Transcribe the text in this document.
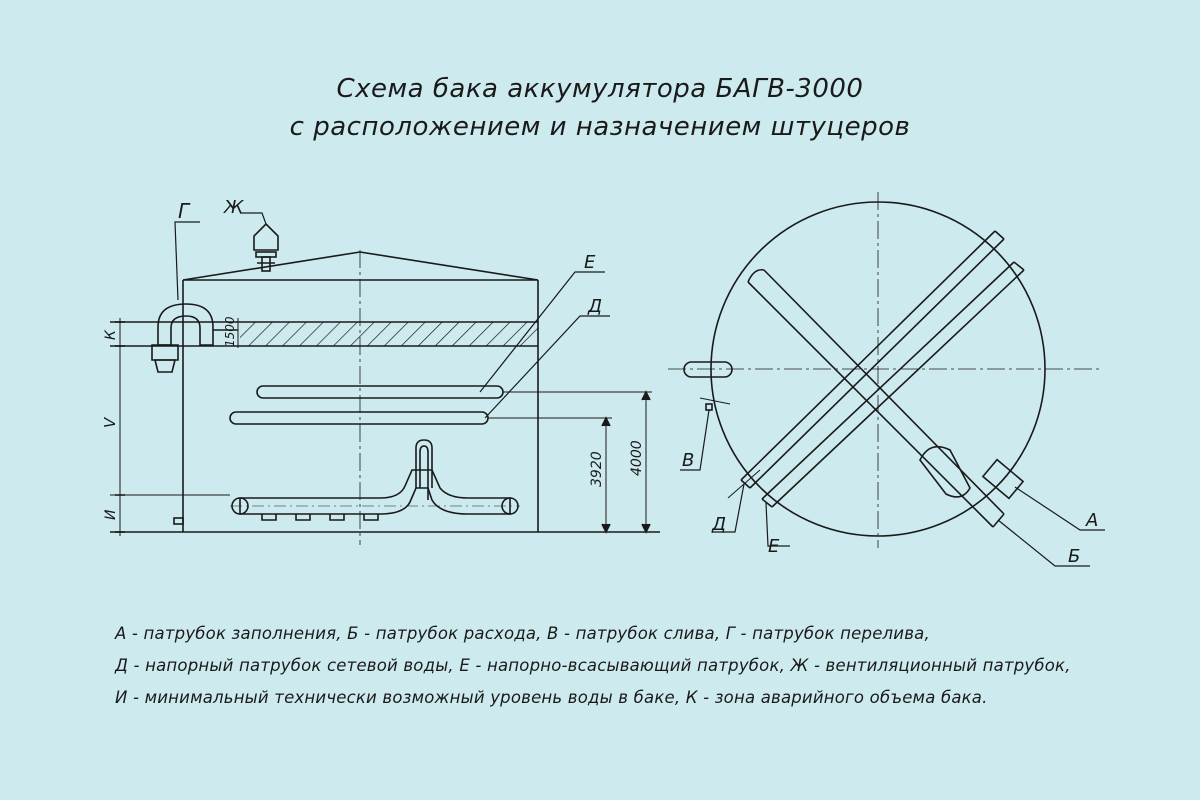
Схема бака аккумулятора БАГВ-3000
с расположением и назначением штуцеров
Г Ж
Е
Д
К
V
И
1500
3920 4000 В
Д
Е
А
Б
А - патрубок заполнения, Б - патрубок расхода, В - патрубок слива, Г - патрубок перелива,
Д - напорный патрубок сетевой воды, Е - напорно-всасывающий патрубок, Ж - вентиляционный патрубок,
И - минимальный технически возможный уровень воды в баке, К - зона аварийного объема бака.
